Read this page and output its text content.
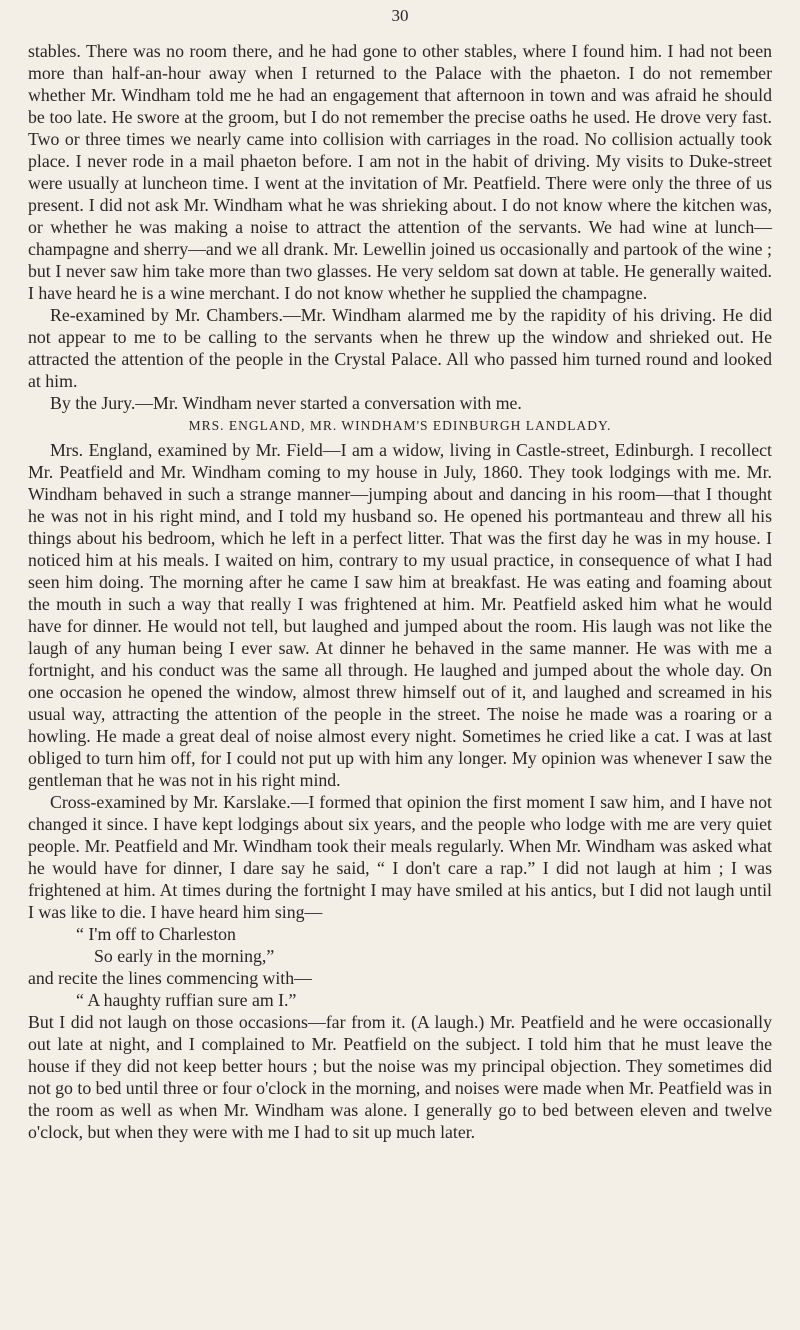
30

stables. There was no room there, and he had gone to other stables, where I found him. I had not been more than half-an-hour away when I returned to the Palace with the phaeton. I do not remember whether Mr. Windham told me he had an engagement that afternoon in town and was afraid he should be too late. He swore at the groom, but I do not remember the precise oaths he used. He drove very fast. Two or three times we nearly came into collision with carriages in the road. No collision actually took place. I never rode in a mail phaeton before. I am not in the habit of driving. My visits to Duke-street were usually at luncheon time. I went at the invitation of Mr. Peatfield. There were only the three of us present. I did not ask Mr. Windham what he was shrieking about. I do not know where the kitchen was, or whether he was making a noise to attract the attention of the servants. We had wine at lunch—champagne and sherry—and we all drank. Mr. Lewellin joined us occasionally and partook of the wine ; but I never saw him take more than two glasses. He very seldom sat down at table. He generally waited. I have heard he is a wine merchant. I do not know whether he supplied the champagne.

Re-examined by Mr. Chambers.—Mr. Windham alarmed me by the rapidity of his driving. He did not appear to me to be calling to the servants when he threw up the window and shrieked out. He attracted the attention of the people in the Crystal Palace. All who passed him turned round and looked at him.

By the Jury.—Mr. Windham never started a conversation with me.

MRS. ENGLAND, MR. WINDHAM'S EDINBURGH LANDLADY.

Mrs. England, examined by Mr. Field—I am a widow, living in Castle-street, Edinburgh. I recollect Mr. Peatfield and Mr. Windham coming to my house in July, 1860. They took lodgings with me. Mr. Windham behaved in such a strange manner—jumping about and dancing in his room—that I thought he was not in his right mind, and I told my husband so. He opened his portmanteau and threw all his things about his bedroom, which he left in a perfect litter. That was the first day he was in my house. I noticed him at his meals. I waited on him, contrary to my usual practice, in consequence of what I had seen him doing. The morning after he came I saw him at breakfast. He was eating and foaming about the mouth in such a way that really I was frightened at him. Mr. Peatfield asked him what he would have for dinner. He would not tell, but laughed and jumped about the room. His laugh was not like the laugh of any human being I ever saw. At dinner he behaved in the same manner. He was with me a fortnight, and his conduct was the same all through. He laughed and jumped about the whole day. On one occasion he opened the window, almost threw himself out of it, and laughed and screamed in his usual way, attracting the attention of the people in the street. The noise he made was a roaring or a howling. He made a great deal of noise almost every night. Sometimes he cried like a cat. I was at last obliged to turn him off, for I could not put up with him any longer. My opinion was whenever I saw the gentleman that he was not in his right mind.

Cross-examined by Mr. Karslake.—I formed that opinion the first moment I saw him, and I have not changed it since. I have kept lodgings about six years, and the people who lodge with me are very quiet people. Mr. Peatfield and Mr. Windham took their meals regularly. When Mr. Windham was asked what he would have for dinner, I dare say he said, “ I don't care a rap.” I did not laugh at him ; I was frightened at him. At times during the fortnight I may have smiled at his antics, but I did not laugh until I was like to die. I have heard him sing—

“ I'm off to Charleston
So early in the morning,”

and recite the lines commencing with—

“ A haughty ruffian sure am I.”

But I did not laugh on those occasions—far from it. (A laugh.) Mr. Peatfield and he were occasionally out late at night, and I complained to Mr. Peatfield on the subject. I told him that he must leave the house if they did not keep better hours ; but the noise was my principal objection. They sometimes did not go to bed until three or four o'clock in the morning, and noises were made when Mr. Peatfield was in the room as well as when Mr. Windham was alone. I generally go to bed between eleven and twelve o'clock, but when they were with me I had to sit up much later.
